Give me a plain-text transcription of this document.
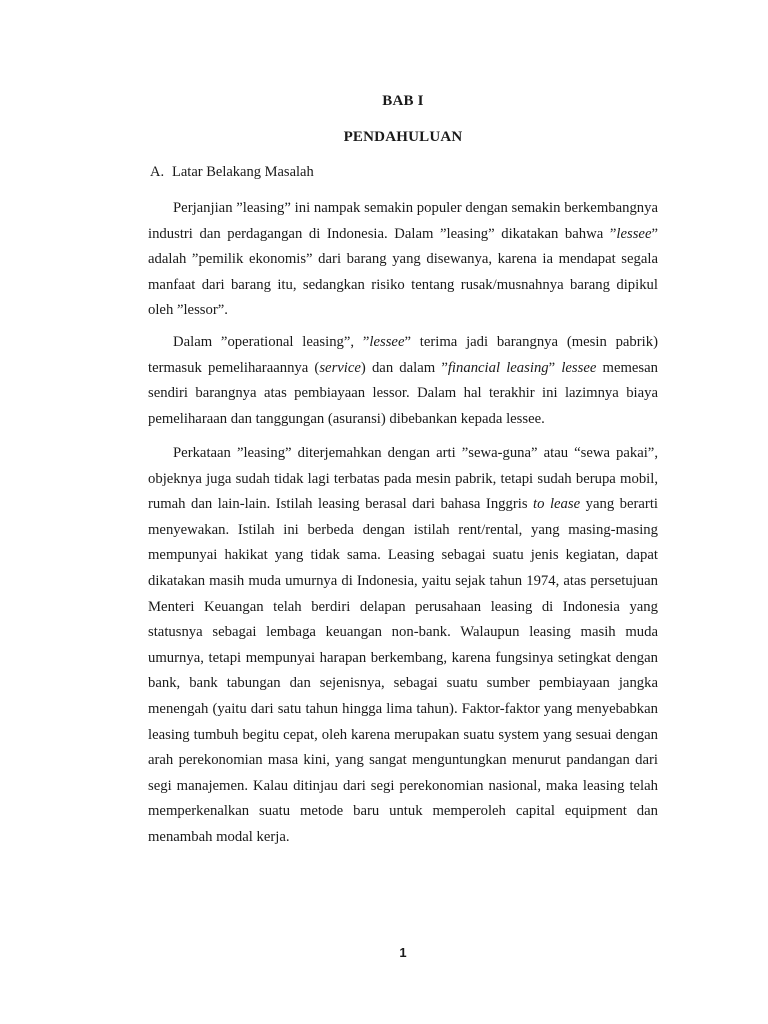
BAB I
PENDAHULUAN
A. Latar Belakang Masalah

Perjanjian ”leasing” ini nampak semakin populer dengan semakin berkembangnya industri dan perdagangan di Indonesia. Dalam ”leasing” dikatakan bahwa ”lessee” adalah ”pemilik ekonomis” dari barang yang disewanya, karena ia mendapat segala manfaat dari barang itu, sedangkan risiko tentang rusak/musnahnya barang dipikul oleh ”lessor”.

Dalam ”operational leasing”, ”lessee” terima jadi barangnya (mesin pabrik) termasuk pemeliharaannya (service) dan dalam ”financial leasing” lessee memesan sendiri barangnya atas pembiayaan lessor. Dalam hal terakhir ini lazimnya biaya pemeliharaan dan tanggungan (asuransi) dibebankan kepada lessee.

Perkataan ”leasing” diterjemahkan dengan arti ”sewa-guna” atau “sewa pakai”, objeknya juga sudah tidak lagi terbatas pada mesin pabrik, tetapi sudah berupa mobil, rumah dan lain-lain. Istilah leasing berasal dari bahasa Inggris to lease yang berarti menyewakan. Istilah ini berbeda dengan istilah rent/rental, yang masing-masing mempunyai hakikat yang tidak sama. Leasing sebagai suatu jenis kegiatan, dapat dikatakan masih muda umurnya di Indonesia, yaitu sejak tahun 1974, atas persetujuan Menteri Keuangan telah berdiri delapan perusahaan leasing di Indonesia yang statusnya sebagai lembaga keuangan non-bank. Walaupun leasing masih muda umurnya, tetapi mempunyai harapan berkembang, karena fungsinya setingkat dengan bank, bank tabungan dan sejenisnya, sebagai suatu sumber pembiayaan jangka menengah (yaitu dari satu tahun hingga lima tahun). Faktor-faktor yang menyebabkan leasing tumbuh begitu cepat, oleh karena merupakan suatu system yang sesuai dengan arah perekonomian masa kini, yang sangat menguntungkan menurut pandangan dari segi manajemen. Kalau ditinjau dari segi perekonomian nasional, maka leasing telah memperkenalkan suatu metode baru untuk memperoleh capital equipment dan menambah modal kerja.

1
